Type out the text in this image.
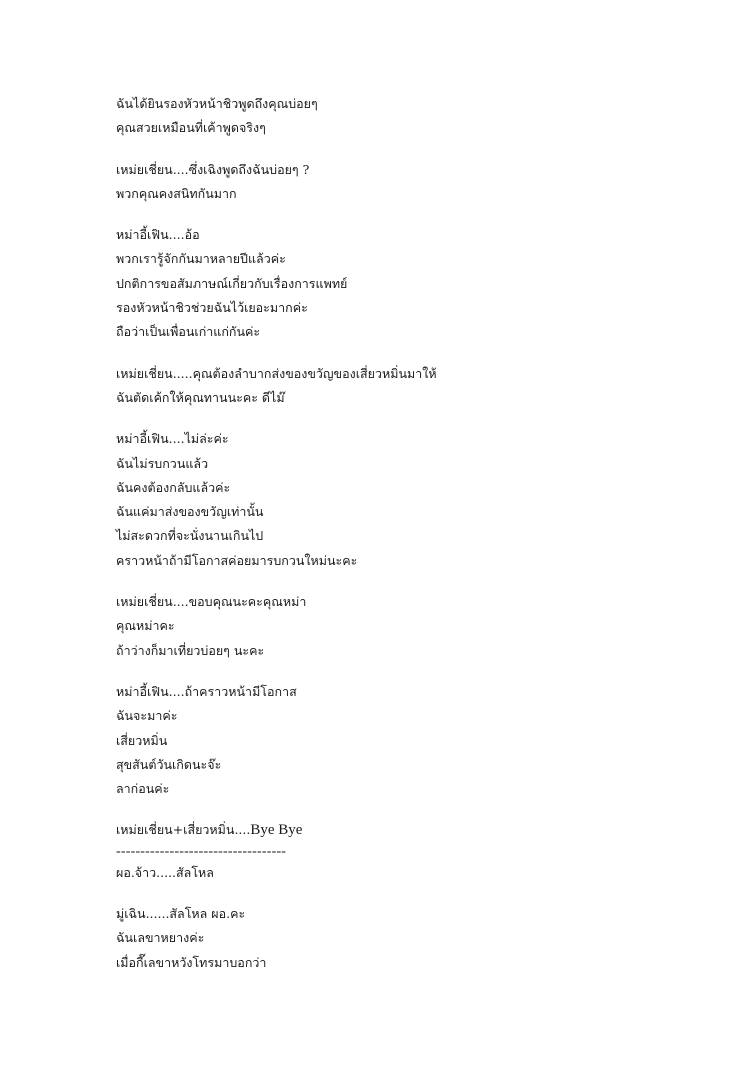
ฉันได้ยินรองหัวหน้าชิวพูดถึงคุณบ่อยๆ
คุณสวยเหมือนที่เค้าพูดจริงๆ
เหม่ยเชี่ยน....ซึ่งเฉิงพูดถึงฉันบ่อยๆ ?
พวกคุณคงสนิทกันมาก
หม่าอี้เฟิน....อ้อ
พวกเรารู้จักกันมาหลายปีแล้วค่ะ
ปกติการขอสัมภาษณ์เกี่ยวกับเรื่องการแพทย์
รองหัวหน้าชิวช่วยฉันไว้เยอะมากค่ะ
ถือว่าเป็นเพื่อนเก่าแก่กันค่ะ
เหม่ยเชี่ยน.....คุณต้องลำบากส่งของขวัญของเสี่ยวหมิ่นมาให้
ฉันตัดเค้กให้คุณทานนะคะ ดีไม๊
หม่าอี้เฟิน....ไม่ล่ะค่ะ
ฉันไม่รบกวนแล้ว
ฉันคงต้องกลับแล้วค่ะ
ฉันแค่มาส่งของขวัญเท่านั้น
ไม่สะดวกที่จะนั่งนานเกินไป
คราวหน้าถ้ามีโอกาสค่อยมารบกวนใหม่นะคะ
เหม่ยเชี่ยน....ขอบคุณนะคะคุณหม่า
คุณหม่าคะ
ถ้าว่างก็มาเที่ยวบ่อยๆ นะคะ
หม่าอี้เฟิน....ถ้าคราวหน้ามีโอกาส
ฉันจะมาค่ะ
เสี่ยวหมิ่น
สุขสันต์วันเกิดนะจ๊ะ
ลาก่อนค่ะ
เหม่ยเชี่ยน+เสี่ยวหมิ่น....Bye Bye
-----------------------------------
ผอ.จ้าว.....สัลโหล
มู่เฉิน......สัลโหล ผอ.คะ
ฉันเลขาหยางค่ะ
เมื่อกี๊เลขาหวังโทรมาบอกว่า
